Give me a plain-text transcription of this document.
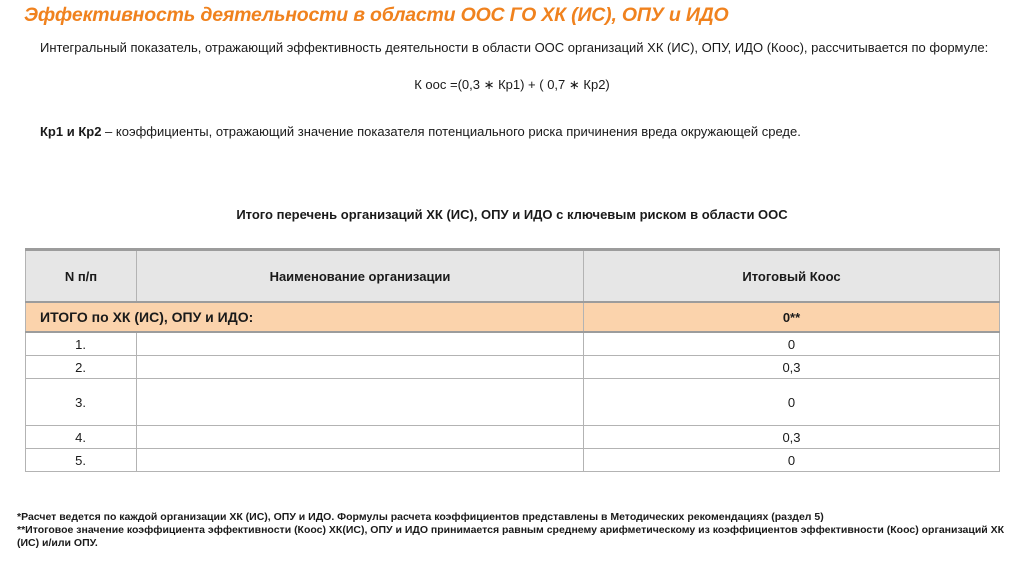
Эффективность деятельности в области ООС ГО ХК (ИС), ОПУ и ИДО
Интегральный показатель, отражающий эффективность деятельности в области ООС организаций ХК (ИС), ОПУ, ИДО (Коос), рассчитывается по формуле:
К оос =(0,3 ∗ Кр1) + ( 0,7 ∗ Кр2)
Кр1 и Кр2 – коэффициенты, отражающий значение показателя потенциального риска причинения вреда окружающей среде.
Итого перечень организаций ХК (ИС), ОПУ и ИДО с ключевым риском в области ООС
N п/п	Наименование организации	Итоговый Коос
ИТОГО по ХК (ИС), ОПУ и ИДО:		0**
1.		0
2.		0,3
3.		0
4.		0,3
5.		0
*Расчет ведется по каждой организации ХК (ИС), ОПУ и ИДО. Формулы расчета коэффициентов представлены в Методических рекомендациях (раздел 5)
**Итоговое значение коэффициента эффективности (Коос) ХК(ИС), ОПУ и ИДО принимается равным среднему арифметическому из коэффициентов эффективности (Коос) организаций ХК (ИС) и/или ОПУ.
